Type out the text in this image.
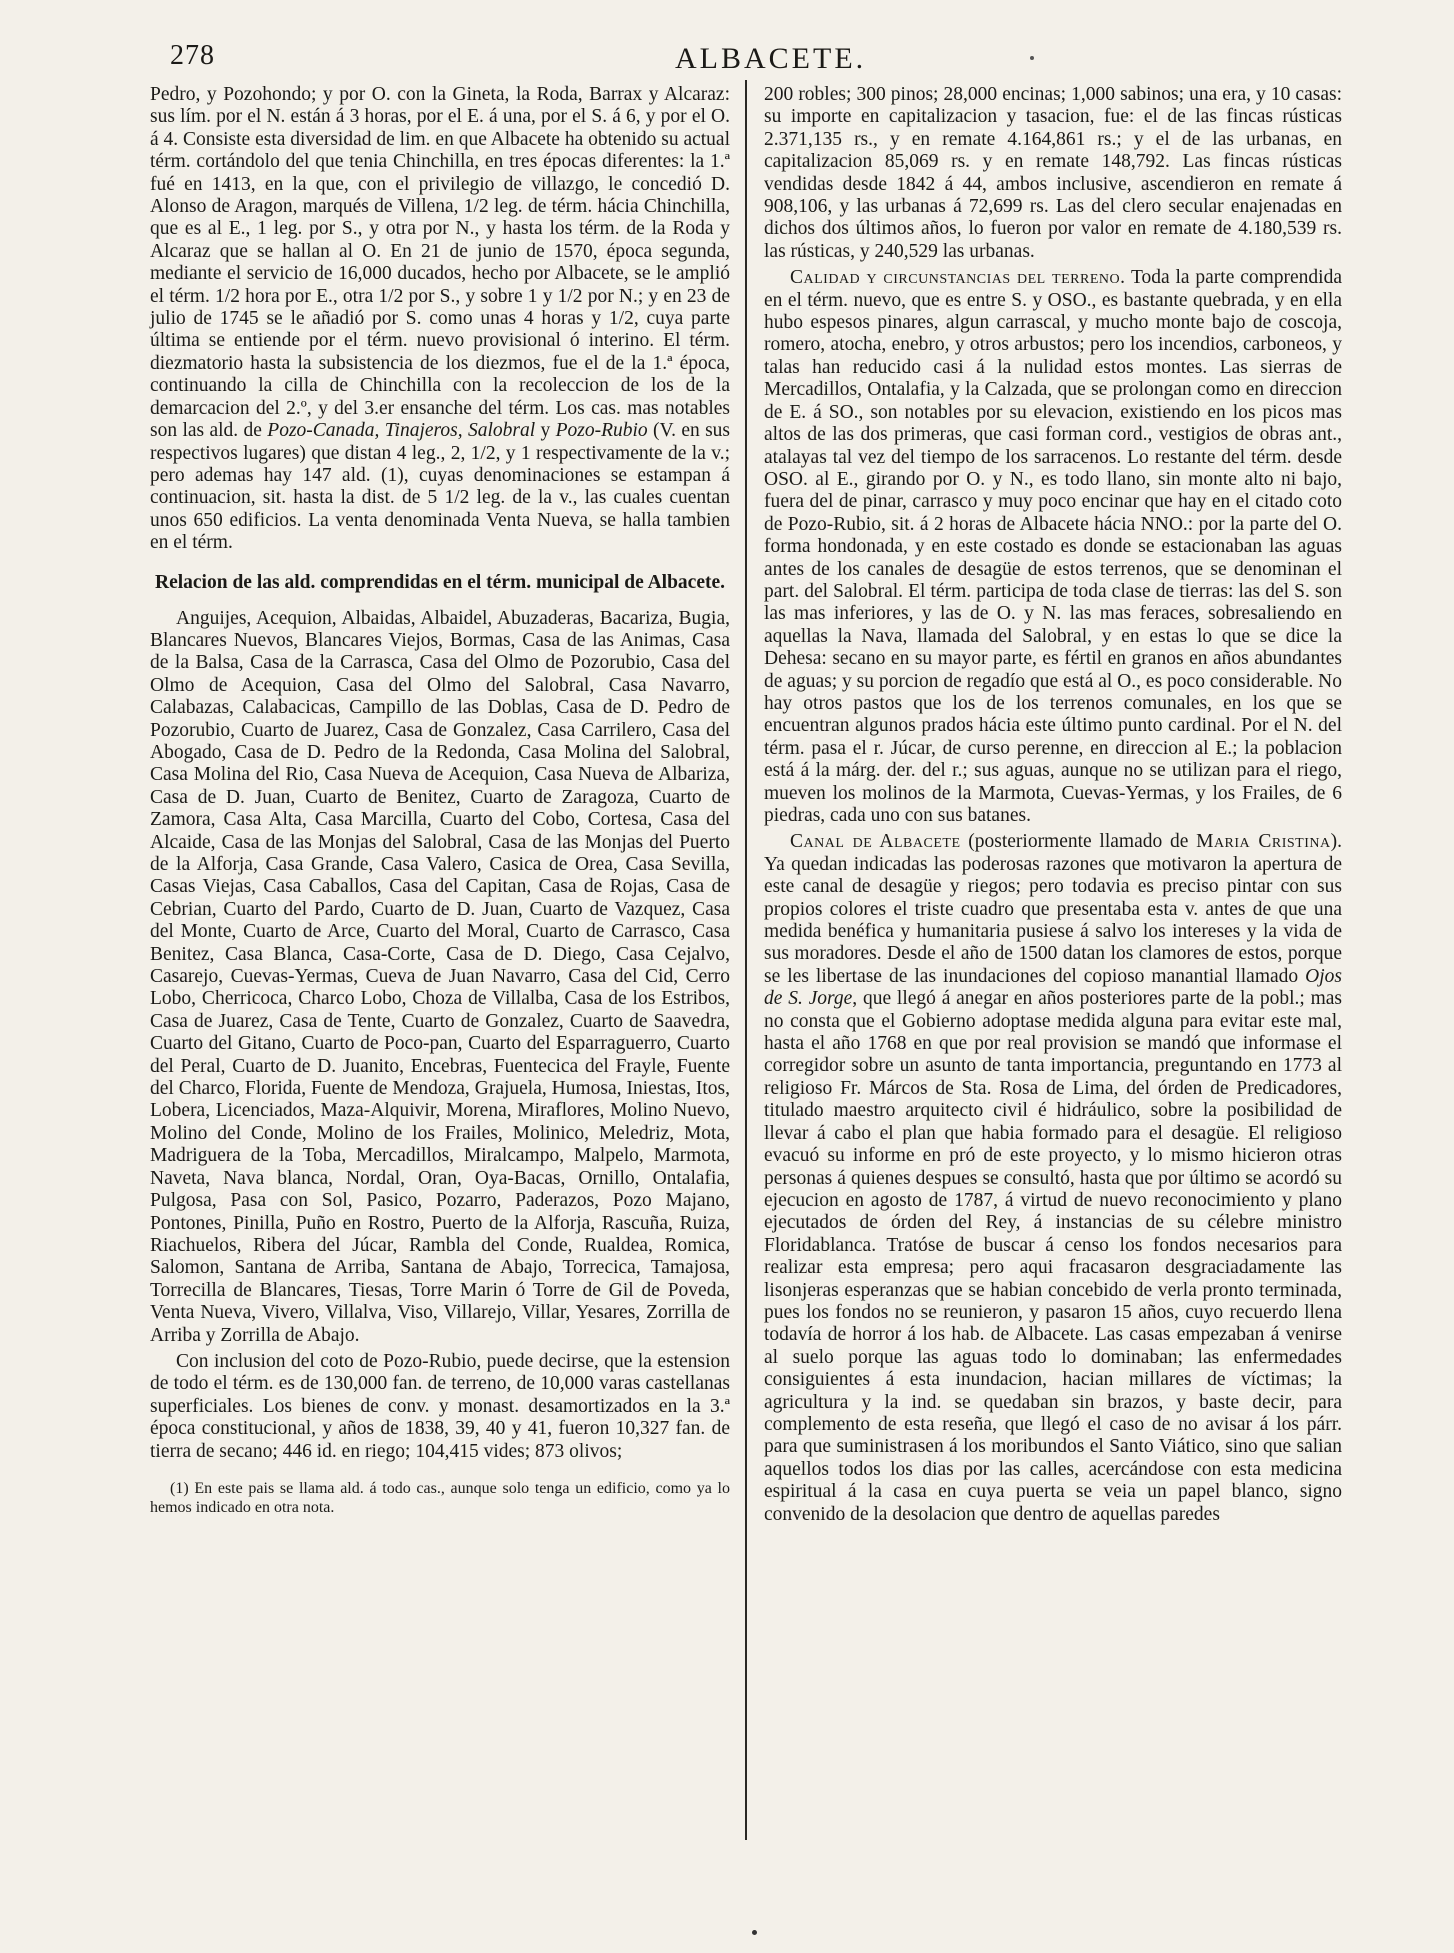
278	ALBACETE.

Pedro, y Pozohondo; y por O. con la Gineta, la Roda, Barrax y Alcaraz: sus lím. por el N. están á 3 horas, por el E. á una, por el S. á 6, y por el O. á 4. Consiste esta diversidad de lim. en que Albacete ha obtenido su actual térm. cortándolo del que tenia Chinchilla, en tres épocas diferentes: la 1.ª fué en 1413, en la que, con el privilegio de villazgo, le concedió D. Alonso de Aragon, marqués de Villena, 1/2 leg. de térm. hácia Chinchilla, que es al E., 1 leg. por S., y otra por N., y hasta los térm. de la Roda y Alcaraz que se hallan al O. En 21 de junio de 1570, época segunda, mediante el servicio de 16,000 ducados, hecho por Albacete, se le amplió el térm. 1/2 hora por E., otra 1/2 por S., y sobre 1 y 1/2 por N.; y en 23 de julio de 1745 se le añadió por S. como unas 4 horas y 1/2, cuya parte última se entiende por el térm. nuevo provisional ó interino. El térm. diezmatorio hasta la subsistencia de los diezmos, fue el de la 1.ª época, continuando la cilla de Chinchilla con la recoleccion de los de la demarcacion del 2.º, y del 3.er ensanche del térm. Los cas. mas notables son las ald. de Pozo-Canada, Tinajeros, Salobral y Pozo-Rubio (V. en sus respectivos lugares) que distan 4 leg., 2, 1/2, y 1 respectivamente de la v.; pero ademas hay 147 ald. (1), cuyas denominaciones se estampan á continuacion, sit. hasta la dist. de 5 1/2 leg. de la v., las cuales cuentan unos 650 edificios. La venta denominada Venta Nueva, se halla tambien en el térm.

Relacion de las ald. comprendidas en el térm. municipal de Albacete.

Anguijes, Acequion, Albaidas, Albaidel, Abuzaderas, Bacariza, Bugia, Blancares Nuevos, Blancares Viejos, Bormas, Casa de las Animas, Casa de la Balsa, Casa de la Carrasca, Casa del Olmo de Pozorubio, Casa del Olmo de Acequion, Casa del Olmo del Salobral, Casa Navarro, Calabazas, Calabacicas, Campillo de las Doblas, Casa de D. Pedro de Pozorubio, Cuarto de Juarez, Casa de Gonzalez, Casa Carrilero, Casa del Abogado, Casa de D. Pedro de la Redonda, Casa Molina del Salobral, Casa Molina del Rio, Casa Nueva de Acequion, Casa Nueva de Albariza, Casa de D. Juan, Cuarto de Benitez, Cuarto de Zaragoza, Cuarto de Zamora, Casa Alta, Casa Marcilla, Cuarto del Cobo, Cortesa, Casa del Alcaide, Casa de las Monjas del Salobral, Casa de las Monjas del Puerto de la Alforja, Casa Grande, Casa Valero, Casica de Orea, Casa Sevilla, Casas Viejas, Casa Caballos, Casa del Capitan, Casa de Rojas, Casa de Cebrian, Cuarto del Pardo, Cuarto de D. Juan, Cuarto de Vazquez, Casa del Monte, Cuarto de Arce, Cuarto del Moral, Cuarto de Carrasco, Casa Benitez, Casa Blanca, Casa-Corte, Casa de D. Diego, Casa Cejalvo, Casarejo, Cuevas-Yermas, Cueva de Juan Navarro, Casa del Cid, Cerro Lobo, Cherricoca, Charco Lobo, Choza de Villalba, Casa de los Estribos, Casa de Juarez, Casa de Tente, Cuarto de Gonzalez, Cuarto de Saavedra, Cuarto del Gitano, Cuarto de Poco-pan, Cuarto del Esparraguerro, Cuarto del Peral, Cuarto de D. Juanito, Encebras, Fuentecica del Frayle, Fuente del Charco, Florida, Fuente de Mendoza, Grajuela, Humosa, Iniestas, Itos, Lobera, Licenciados, Maza-Alquivir, Morena, Miraflores, Molino Nuevo, Molino del Conde, Molino de los Frailes, Molinico, Meledriz, Mota, Madriguera de la Toba, Mercadillos, Miralcampo, Malpelo, Marmota, Naveta, Nava blanca, Nordal, Oran, Oya-Bacas, Ornillo, Ontalafia, Pulgosa, Pasa con Sol, Pasico, Pozarro, Paderazos, Pozo Majano, Pontones, Pinilla, Puño en Rostro, Puerto de la Alforja, Rascuña, Ruiza, Riachuelos, Ribera del Júcar, Rambla del Conde, Rualdea, Romica, Salomon, Santana de Arriba, Santana de Abajo, Torrecica, Tamajosa, Torrecilla de Blancares, Tiesas, Torre Marin ó Torre de Gil de Poveda, Venta Nueva, Vivero, Villalva, Viso, Villarejo, Villar, Yesares, Zorrilla de Arriba y Zorrilla de Abajo.

Con inclusion del coto de Pozo-Rubio, puede decirse, que la estension de todo el térm. es de 130,000 fan. de terreno, de 10,000 varas castellanas superficiales. Los bienes de conv. y monast. desamortizados en la 3.ª época constitucional, y años de 1838, 39, 40 y 41, fueron 10,327 fan. de tierra de secano; 446 id. en riego; 104,415 vides; 873 olivos;

(1) En este pais se llama ald. á todo cas., aunque solo tenga un edificio, como ya lo hemos indicado en otra nota.

200 robles; 300 pinos; 28,000 encinas; 1,000 sabinos; una era, y 10 casas: su importe en capitalizacion y tasacion, fue: el de las fincas rústicas 2.371,135 rs., y en remate 4.164,861 rs.; y el de las urbanas, en capitalizacion 85,069 rs. y en remate 148,792. Las fincas rústicas vendidas desde 1842 á 44, ambos inclusive, ascendieron en remate á 908,106, y las urbanas á 72,699 rs. Las del clero secular enajenadas en dichos dos últimos años, lo fueron por valor en remate de 4.180,539 rs. las rústicas, y 240,529 las urbanas.

Calidad y circunstancias del terreno. Toda la parte comprendida en el térm. nuevo, que es entre S. y OSO., es bastante quebrada, y en ella hubo espesos pinares, algun carrascal, y mucho monte bajo de coscoja, romero, atocha, enebro, y otros arbustos; pero los incendios, carboneos, y talas han reducido casi á la nulidad estos montes. Las sierras de Mercadillos, Ontalafia, y la Calzada, que se prolongan como en direccion de E. á SO., son notables por su elevacion, existiendo en los picos mas altos de las dos primeras, que casi forman cord., vestigios de obras ant., atalayas tal vez del tiempo de los sarracenos. Lo restante del térm. desde OSO. al E., girando por O. y N., es todo llano, sin monte alto ni bajo, fuera del de pinar, carrasco y muy poco encinar que hay en el citado coto de Pozo-Rubio, sit. á 2 horas de Albacete hácia NNO.: por la parte del O. forma hondonada, y en este costado es donde se estacionaban las aguas antes de los canales de desagüe de estos terrenos, que se denominan el part. del Salobral. El térm. participa de toda clase de tierras: las del S. son las mas inferiores, y las de O. y N. las mas feraces, sobresaliendo en aquellas la Nava, llamada del Salobral, y en estas lo que se dice la Dehesa: secano en su mayor parte, es fértil en granos en años abundantes de aguas; y su porcion de regadío que está al O., es poco considerable. No hay otros pastos que los de los terrenos comunales, en los que se encuentran algunos prados hácia este último punto cardinal. Por el N. del térm. pasa el r. Júcar, de curso perenne, en direccion al E.; la poblacion está á la márg. der. del r.; sus aguas, aunque no se utilizan para el riego, mueven los molinos de la Marmota, Cuevas-Yermas, y los Frailes, de 6 piedras, cada uno con sus batanes.

Canal de Albacete (posteriormente llamado de Maria Cristina). Ya quedan indicadas las poderosas razones que motivaron la apertura de este canal de desagüe y riegos; pero todavia es preciso pintar con sus propios colores el triste cuadro que presentaba esta v. antes de que una medida benéfica y humanitaria pusiese á salvo los intereses y la vida de sus moradores. Desde el año de 1500 datan los clamores de estos, porque se les libertase de las inundaciones del copioso manantial llamado Ojos de S. Jorge, que llegó á anegar en años posteriores parte de la pobl.; mas no consta que el Gobierno adoptase medida alguna para evitar este mal, hasta el año 1768 en que por real provision se mandó que informase el corregidor sobre un asunto de tanta importancia, preguntando en 1773 al religioso Fr. Márcos de Sta. Rosa de Lima, del órden de Predicadores, titulado maestro arquitecto civil é hidráulico, sobre la posibilidad de llevar á cabo el plan que habia formado para el desagüe. El religioso evacuó su informe en pró de este proyecto, y lo mismo hicieron otras personas á quienes despues se consultó, hasta que por último se acordó su ejecucion en agosto de 1787, á virtud de nuevo reconocimiento y plano ejecutados de órden del Rey, á instancias de su célebre ministro Floridablanca. Tratóse de buscar á censo los fondos necesarios para realizar esta empresa; pero aqui fracasaron desgraciadamente las lisonjeras esperanzas que se habian concebido de verla pronto terminada, pues los fondos no se reunieron, y pasaron 15 años, cuyo recuerdo llena todavía de horror á los hab. de Albacete. Las casas empezaban á venirse al suelo porque las aguas todo lo dominaban; las enfermedades consiguientes á esta inundacion, hacian millares de víctimas; la agricultura y la ind. se quedaban sin brazos, y baste decir, para complemento de esta reseña, que llegó el caso de no avisar á los párr. para que suministrasen á los moribundos el Santo Viático, sino que salian aquellos todos los dias por las calles, acercándose con esta medicina espiritual á la casa en cuya puerta se veia un papel blanco, signo convenido de la desolacion que dentro de aquellas paredes
